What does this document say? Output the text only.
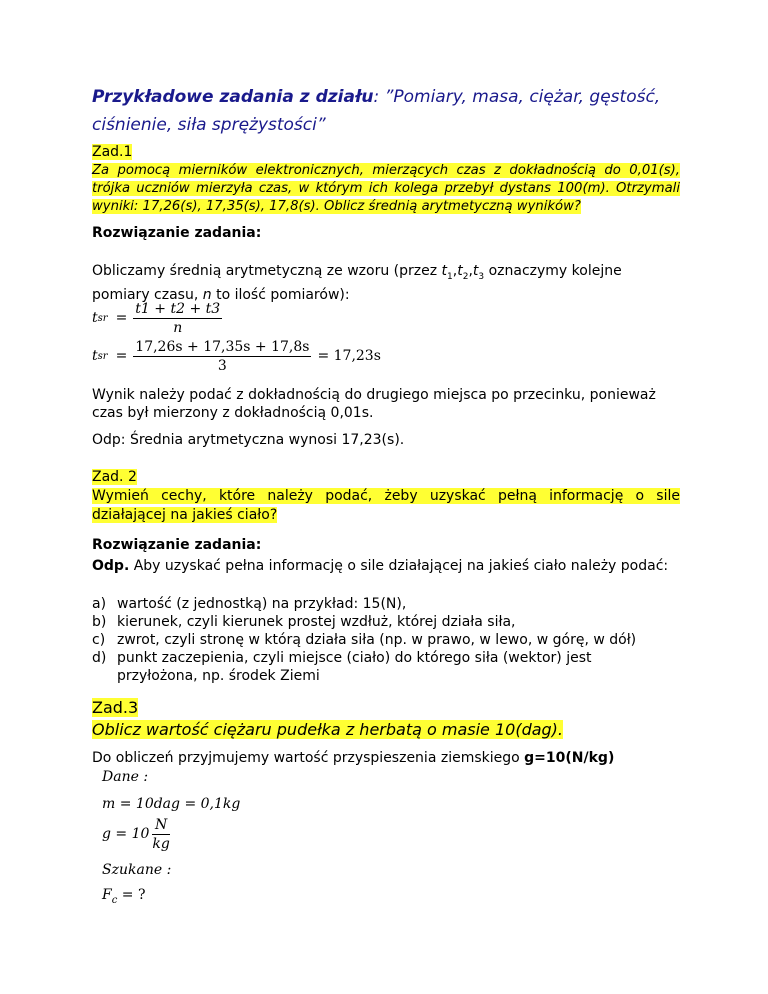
Przykładowe zadania z działu: ”Pomiary, masa, ciężar, gęstość, ciśnienie, siła sprężystości”
Zad.1
Za pomocą mierników elektronicznych, mierzących czas z dokładnością do 0,01(s), trójka uczniów mierzyła czas, w którym ich kolega przebył dystans 100(m). Otrzymali wyniki: 17,26(s), 17,35(s), 17,8(s). Oblicz średnią arytmetyczną wyników?
Rozwiązanie zadania:
Obliczamy średnią arytmetyczną ze wzoru (przez $t_1,t_2,t_3$ oznaczymy kolejne pomiary czasu, n to ilość pomiarów):
t sr = $\frac{t1 + t2 + t3}{n}$
t sr = $\frac{17,26s + 17,35s + 17,8s}{3} = 17,23s$
Wynik należy podać z dokładnością do drugiego miejsca po przecinku, ponieważ czas był mierzony z dokładnością 0,01s.
Odp: Średnia arytmetyczna wynosi 17,23(s).
Zad. 2
Wymień cechy, które należy podać, żeby uzyskać pełną informację o sile działającej na jakieś ciało?
Rozwiązanie zadania:
Odp. Aby uzyskać pełna informację o sile działającej na jakieś ciało należy podać:
a) wartość (z jednostką) na przykład: 15(N),
b) kierunek, czyli kierunek prostej wzdłuż, której działa siła,
c) zwrot, czyli stronę w którą działa siła (np. w prawo, w lewo, w górę, w dół)
d) punkt zaczepienia, czyli miejsce (ciało) do którego siła (wektor) jest przyłożona, np. środek Ziemi
Zad.3
Oblicz wartość ciężaru pudełka z herbatą o masie 10(dag).
Do obliczeń przyjmujemy wartość przyspieszenia ziemskiego g=10(N/kg)
Dane :
m = 10dag = 0,1kg
$g = 10 \frac{N}{kg}$
Szukane :
$F_c$ = ?
